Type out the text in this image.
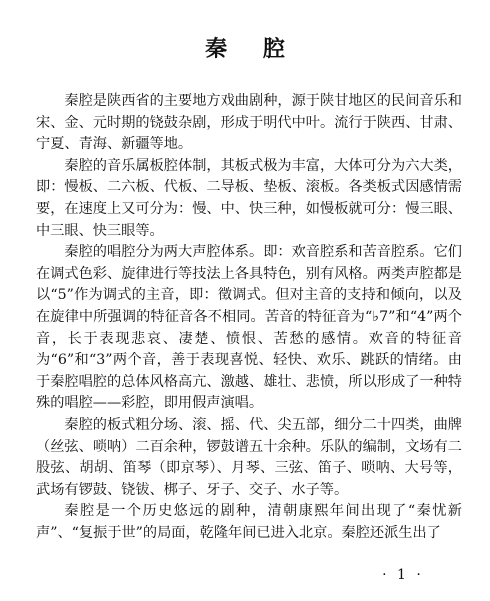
秦 腔

秦腔是陕西省的主要地方戏曲剧种，源于陕甘地区的民间音乐和宋、金、元时期的铙鼓杂剧，形成于明代中叶。流行于陕西、甘肃、宁夏、青海、新疆等地。

秦腔的音乐属板腔体制，其板式极为丰富，大体可分为六大类，即：慢板、二六板、代板、二导板、垫板、滚板。各类板式因感情需要，在速度上又可分为：慢、中、快三种，如慢板就可分：慢三眼、中三眼、快三眼等。

秦腔的唱腔分为两大声腔体系。即：欢音腔系和苦音腔系。它们在调式色彩、旋律进行等技法上各具特色，别有风格。两类声腔都是以“5”作为调式的主音，即：徵调式。但对主音的支持和倾向，以及在旋律中所强调的特征音各不相同。苦音的特征音为“♭7”和“4”两个音，长于表现悲哀、凄楚、愤恨、苦愁的感情。欢音的特征音为“6”和“3”两个音，善于表现喜悦、轻快、欢乐、跳跃的情绪。由于秦腔唱腔的总体风格高亢、激越、雄壮、悲愤，所以形成了一种特殊的唱腔——彩腔，即用假声演唱。

秦腔的板式粗分场、滚、摇、代、尖五部，细分二十四类，曲牌（丝弦、唢呐）二百余种，锣鼓谱五十余种。乐队的编制，文场有二股弦、胡胡、笛琴（即京琴）、月琴、三弦、笛子、唢呐、大号等，武场有锣鼓、铙钹、梆子、牙子、交子、水子等。

秦腔是一个历史悠远的剧种，清朝康熙年间出现了“秦忧新声”、“复振于世”的局面，乾隆年间已进入北京。秦腔还派生出了

· 1 ·
